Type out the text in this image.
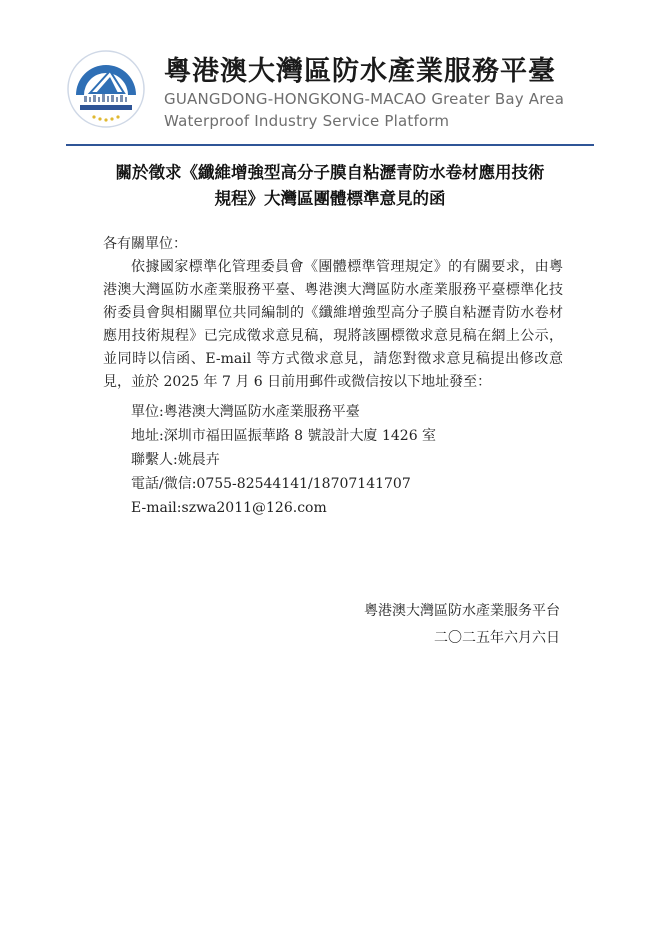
粵港澳大灣區防水產業服務平臺
GUANGDONG-HONGKONG-MACAO Greater Bay Area
Waterproof Industry Service Platform
關於徵求《纖維增強型高分子膜自粘瀝青防水卷材應用技術
規程》大灣區團體標準意見的函

各有關單位：

依據國家標準化管理委員會《團體標準管理規定》的有關要求，由粵港澳大灣區防水產業服務平臺、粵港澳大灣區防水產業服務平臺標準化技術委員會與相關單位共同編制的《纖維增強型高分子膜自粘瀝青防水卷材應用技術規程》已完成徵求意見稿，現將該團標徵求意見稿在網上公示，並同時以信函、E-mail 等方式徵求意見，請您對徵求意見稿提出修改意見，並於 2025 年 7 月 6 日前用郵件或微信按以下地址發至：

單位:粵港澳大灣區防水產業服務平臺
地址:深圳市福田區振華路 8 號設計大廈 1426 室
聯繫人:姚晨卉
電話/微信:0755-82544141/18707141707
E-mail:szwa2011@126.com
粵港澳大灣區防水產業服务平台
二〇二五年六月六日
